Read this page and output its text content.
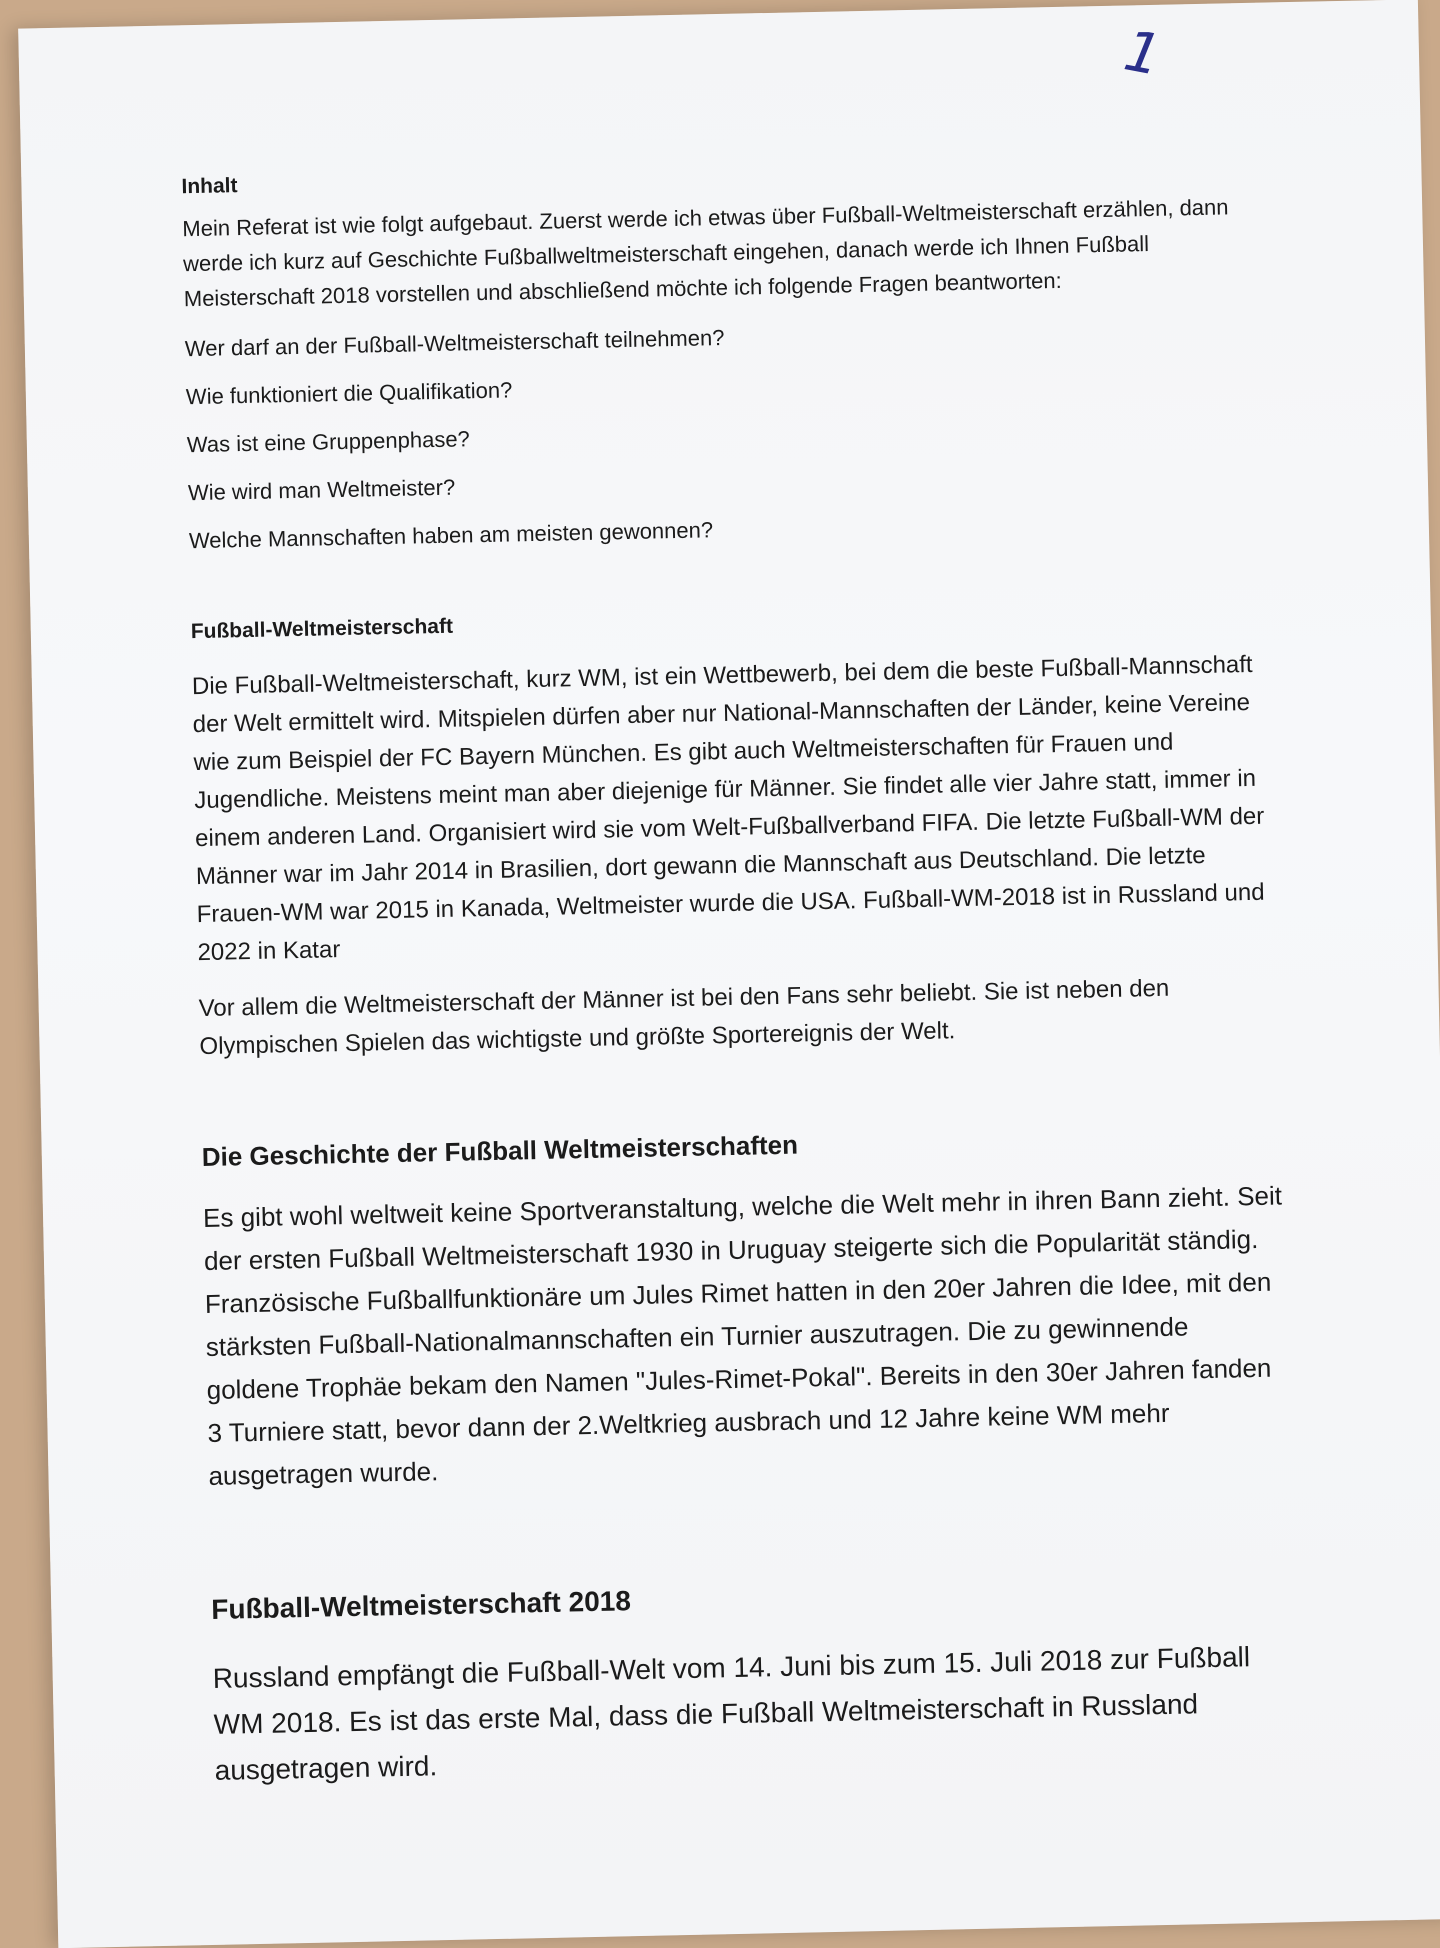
1
Inhalt

Mein Referat ist wie folgt aufgebaut. Zuerst werde ich etwas über Fußball-Weltmeisterschaft erzählen, dann werde ich kurz auf Geschichte Fußballweltmeisterschaft eingehen, danach werde ich Ihnen Fußball Meisterschaft 2018 vorstellen und abschließend möchte ich folgende Fragen beantworten:

Wer darf an der Fußball-Weltmeisterschaft teilnehmen?

Wie funktioniert die Qualifikation?

Was ist eine Gruppenphase?

Wie wird man Weltmeister?

Welche Mannschaften haben am meisten gewonnen?

Fußball-Weltmeisterschaft

Die Fußball-Weltmeisterschaft, kurz WM, ist ein Wettbewerb, bei dem die beste Fußball-Mannschaft der Welt ermittelt wird. Mitspielen dürfen aber nur National-Mannschaften der Länder, keine Vereine wie zum Beispiel der FC Bayern München. Es gibt auch Weltmeisterschaften für Frauen und Jugendliche. Meistens meint man aber diejenige für Männer. Sie findet alle vier Jahre statt, immer in einem anderen Land. Organisiert wird sie vom Welt-Fußballverband FIFA. Die letzte Fußball-WM der Männer war im Jahr 2014 in Brasilien, dort gewann die Mannschaft aus Deutschland. Die letzte Frauen-WM war 2015 in Kanada, Weltmeister wurde die USA. Fußball-WM-2018 ist in Russland und 2022 in Katar

Vor allem die Weltmeisterschaft der Männer ist bei den Fans sehr beliebt. Sie ist neben den Olympischen Spielen das wichtigste und größte Sportereignis der Welt.

Die Geschichte der Fußball Weltmeisterschaften

Es gibt wohl weltweit keine Sportveranstaltung, welche die Welt mehr in ihren Bann zieht. Seit der ersten Fußball Weltmeisterschaft 1930 in Uruguay steigerte sich die Popularität ständig. Französische Fußballfunktionäre um Jules Rimet hatten in den 20er Jahren die Idee, mit den stärksten Fußball-Nationalmannschaften ein Turnier auszutragen. Die zu gewinnende goldene Trophäe bekam den Namen "Jules-Rimet-Pokal". Bereits in den 30er Jahren fanden 3 Turniere statt, bevor dann der 2.Weltkrieg ausbrach und 12 Jahre keine WM mehr ausgetragen wurde.

Fußball-Weltmeisterschaft 2018

Russland empfängt die Fußball-Welt vom 14. Juni bis zum 15. Juli 2018 zur Fußball WM 2018. Es ist das erste Mal, dass die Fußball Weltmeisterschaft in Russland ausgetragen wird.
